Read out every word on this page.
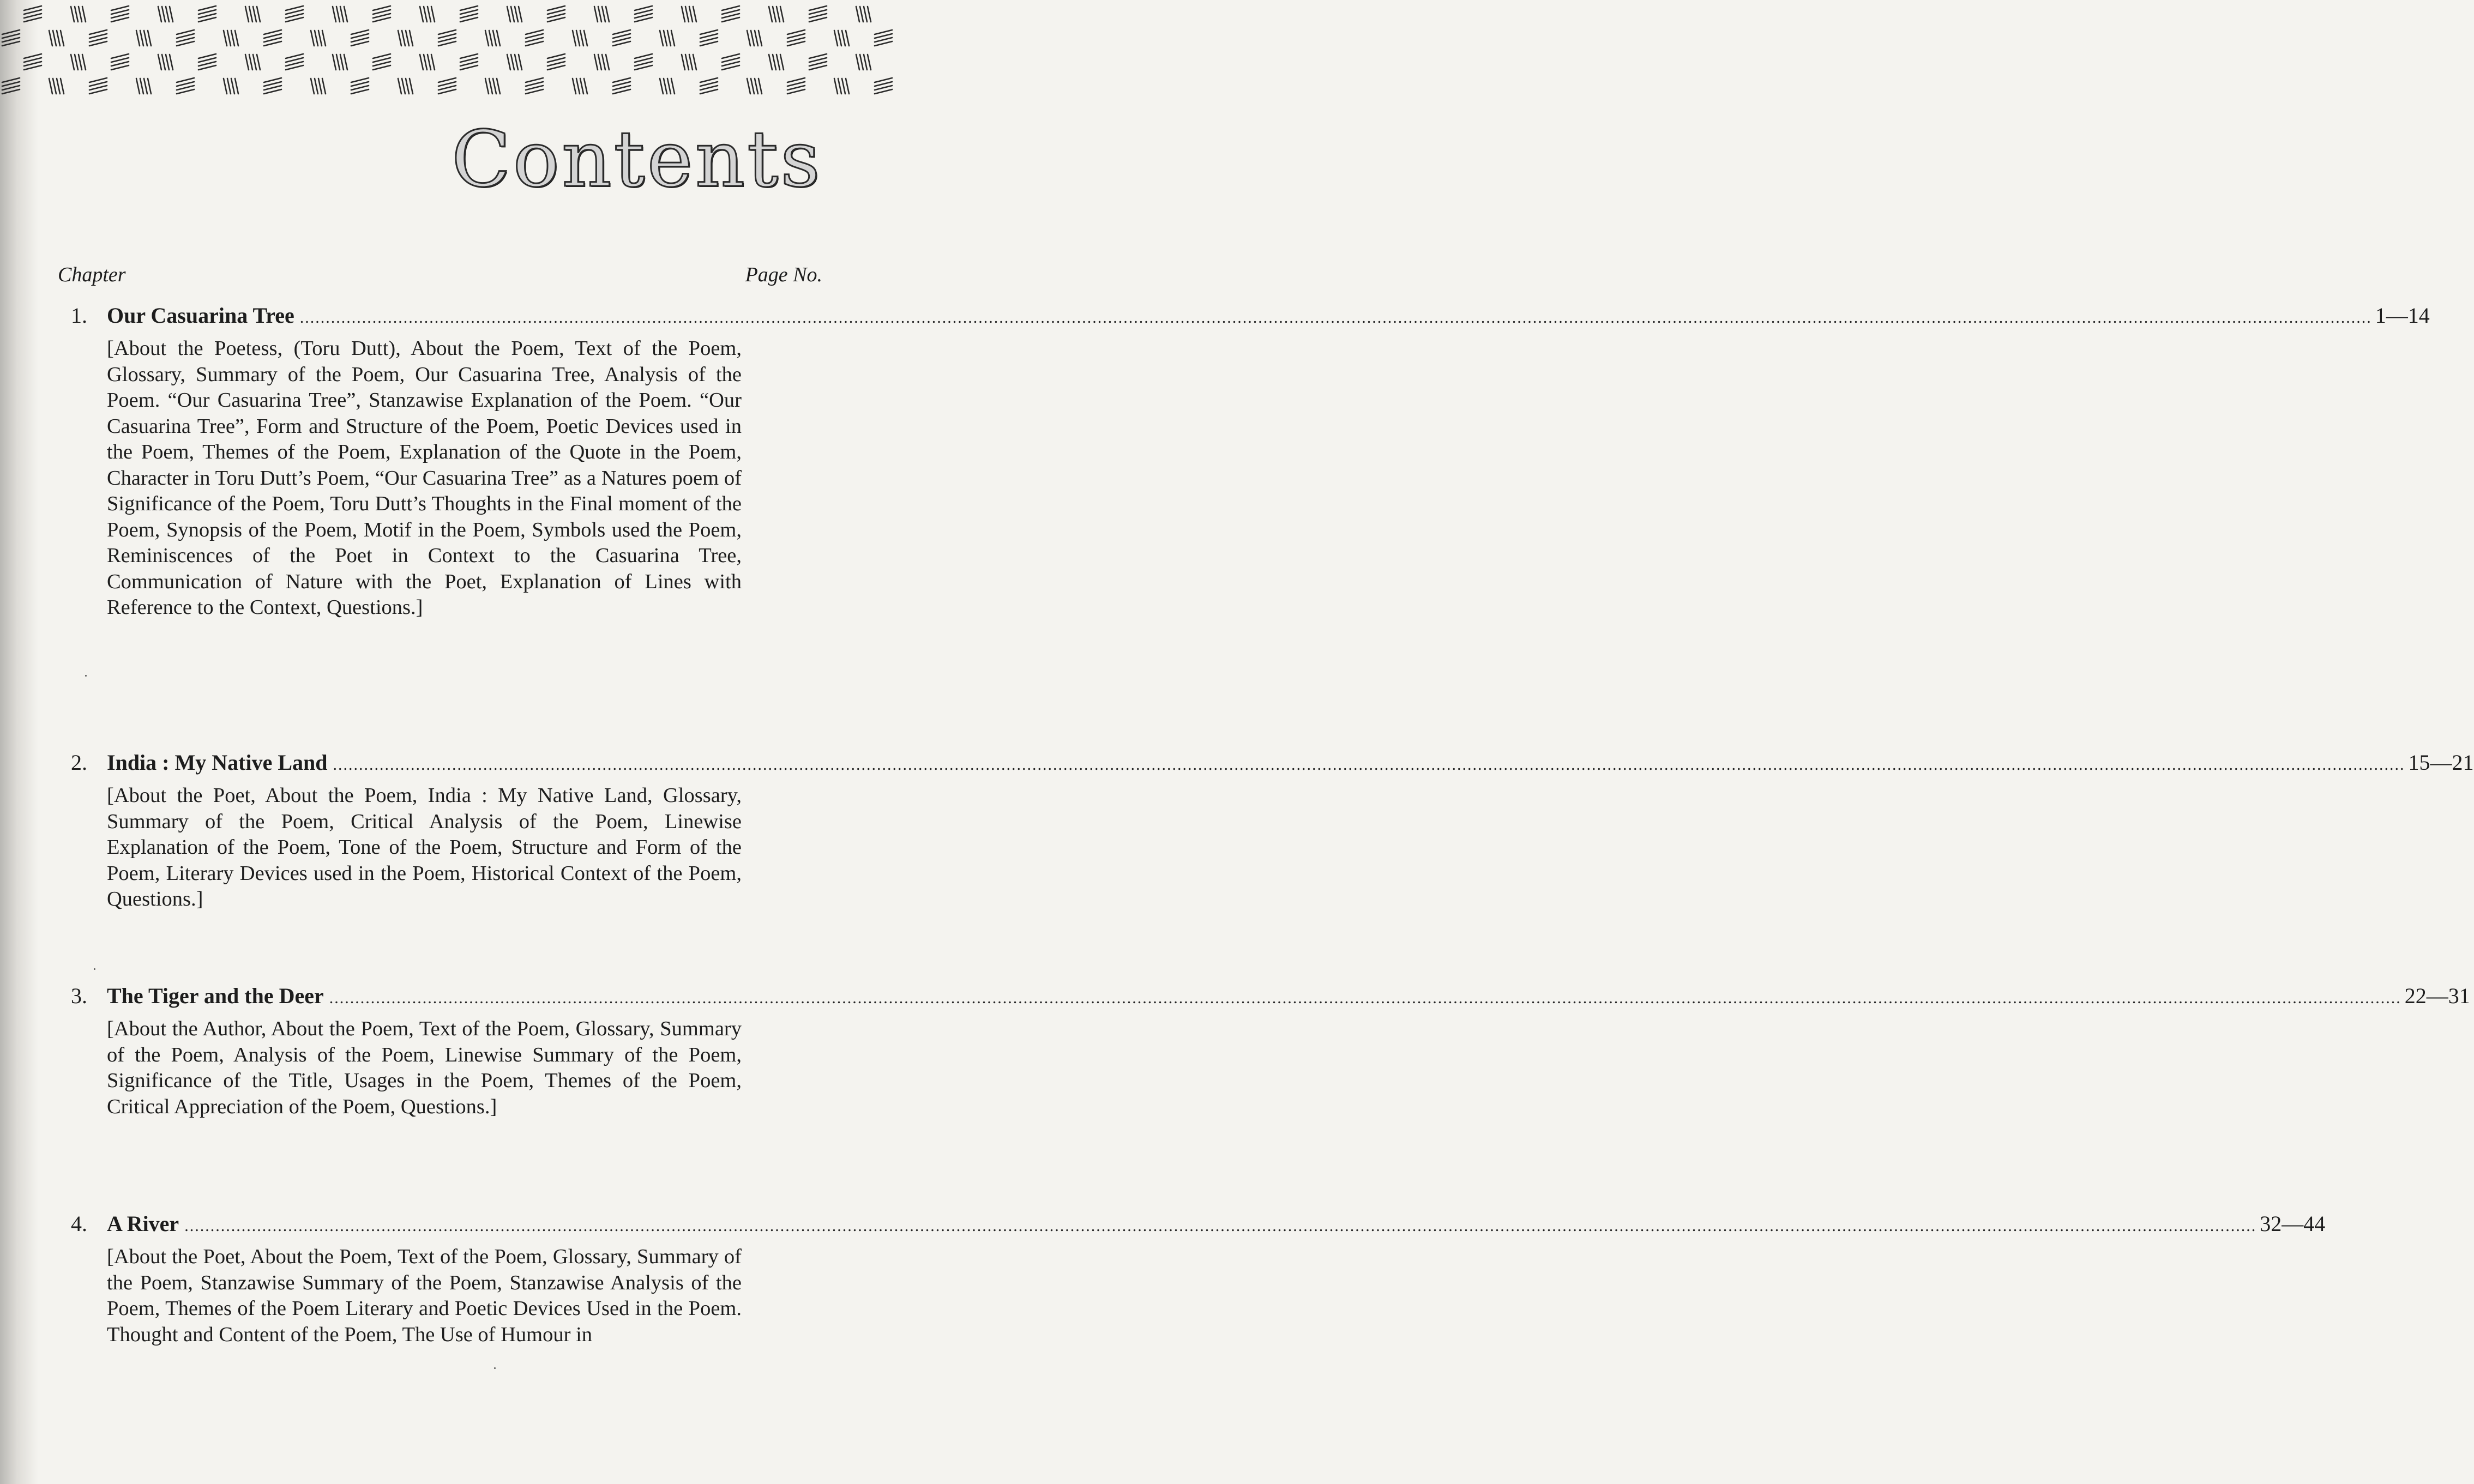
Contents
Chapter	Page No.
1. Our Casuarina Tree ................................................................................................................................................................................................................................................................................................................................................................................................................ 1—14

[About the Poetess, (Toru Dutt), About the Poem, Text of the Poem, Glossary, Summary of the Poem, Our Casuarina Tree, Analysis of the Poem. “Our Casuarina Tree”, Stanzawise Explanation of the Poem. “Our Casuarina Tree”, Form and Structure of the Poem, Poetic Devices used in the Poem, Themes of the Poem, Explanation of the Quote in the Poem, Character in Toru Dutt’s Poem, “Our Casuarina Tree” as a Natures poem of Significance of the Poem, Toru Dutt’s Thoughts in the Final moment of the Poem, Synopsis of the Poem, Motif in the Poem, Symbols used the Poem, Reminiscences of the Poet in Context to the Casuarina Tree, Communication of Nature with the Poet, Explanation of Lines with Reference to the Context, Questions.]

2. India : My Native Land ................................................................................................................................................................................................................................................................................................................................................................................................................ 15—21

[About the Poet, About the Poem, India : My Native Land, Glossary, Summary of the Poem, Critical Analysis of the Poem, Linewise Explanation of the Poem, Tone of the Poem, Structure and Form of the Poem, Literary Devices used in the Poem, Historical Context of the Poem, Questions.]

3. The Tiger and the Deer ................................................................................................................................................................................................................................................................................................................................................................................................................ 22—31

[About the Author, About the Poem, Text of the Poem, Glossary, Summary of the Poem, Analysis of the Poem, Linewise Summary of the Poem, Significance of the Title, Usages in the Poem, Themes of the Poem, Critical Appreciation of the Poem, Questions.]

4. A River ................................................................................................................................................................................................................................................................................................................................................................................................................ 32—44

[About the Poet, About the Poem, Text of the Poem, Glossary, Summary of the Poem, Stanzawise Summary of the Poem, Stanzawise Analysis of the Poem, Themes of the Poem Literary and Poetic Devices Used in the Poem. Thought and Content of the Poem, The Use of Humour in
